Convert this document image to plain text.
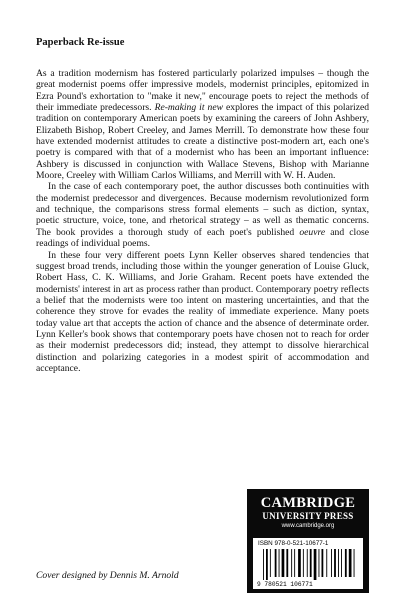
Paperback Re-issue

As a tradition modernism has fostered particularly polarized impulses – though the great modernist poems offer impressive models, modernist principles, epitomized in Ezra Pound's exhortation to "make it new," encourage poets to reject the methods of their immediate predecessors. Re-making it new explores the impact of this polarized tradition on contemporary American poets by examining the careers of John Ashbery, Elizabeth Bishop, Robert Creeley, and James Merrill. To demonstrate how these four have extended modernist attitudes to create a distinctive post-modern art, each one's poetry is compared with that of a modernist who has been an important influence: Ashbery is discussed in conjunction with Wallace Stevens, Bishop with Marianne Moore, Creeley with William Carlos Williams, and Merrill with W. H. Auden.

In the case of each contemporary poet, the author discusses both continuities with the modernist predecessor and divergences. Because modernism revolutionized form and technique, the comparisons stress formal elements – such as diction, syntax, poetic structure, voice, tone, and rhetorical strategy – as well as thematic concerns. The book provides a thorough study of each poet's published oeuvre and close readings of individual poems.

In these four very different poets Lynn Keller observes shared tendencies that suggest broad trends, including those within the younger generation of Louise Gluck, Robert Hass, C. K. Williams, and Jorie Graham. Recent poets have extended the modernists' interest in art as process rather than product. Contemporary poetry reflects a belief that the modernists were too intent on mastering uncertainties, and that the coherence they strove for evades the reality of immediate experience. Many poets today value art that accepts the action of chance and the absence of determinate order. Lynn Keller's book shows that contemporary poets have chosen not to reach for order as their modernist predecessors did; instead, they attempt to dissolve hierarchical distinction and polarizing categories in a modest spirit of accommodation and acceptance.

CAMBRIDGE
UNIVERSITY PRESS
www.cambridge.org
ISBN 978-0-521-10677-1
9 780521 106771
Cover designed by Dennis M. Arnold
